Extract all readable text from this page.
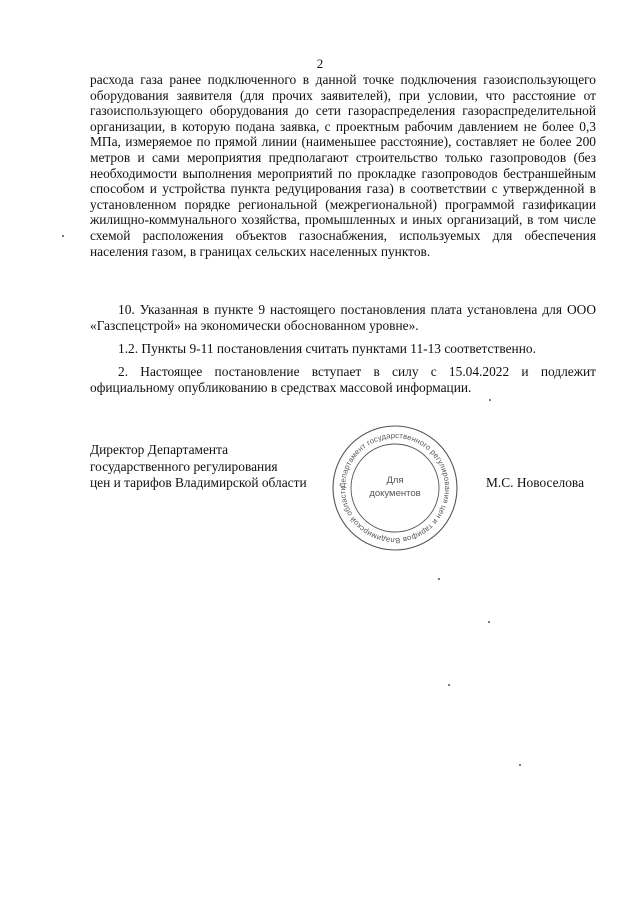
2

расхода газа ранее подключенного в данной точке подключения газоиспользующего оборудования заявителя (для прочих заявителей), при условии, что расстояние от газоиспользующего оборудования до сети газораспределения газораспределительной организации, в которую подана заявка, с проектным рабочим давлением не более 0,3 МПа, измеряемое по прямой линии (наименьшее расстояние), составляет не более 200 метров и сами мероприятия предполагают строительство только газопроводов (без необходимости выполнения мероприятий по прокладке газопроводов бестраншейным способом и устройства пункта редуцирования газа) в соответствии с утвержденной в установленном порядке региональной (межрегиональной) программой газификации жилищно-коммунального хозяйства, промышленных и иных организаций, в том числе схемой расположения объектов газоснабжения, используемых для обеспечения населения газом, в границах сельских населенных пунктов.

10. Указанная в пункте 9 настоящего постановления плата установлена для ООО «Газспецстрой» на экономически обоснованном уровне».

1.2. Пункты 9-11 постановления считать пунктами 11-13 соответственно.

2. Настоящее постановление вступает в силу с 15.04.2022 и подлежит официальному опубликованию в средствах массовой информации.

Директор Департамента
государственного регулирования
цен и тарифов Владимирской области	Департамент государственного регулирования цен и тарифов Владимирской области
Для
документов
М.С. Новоселова
